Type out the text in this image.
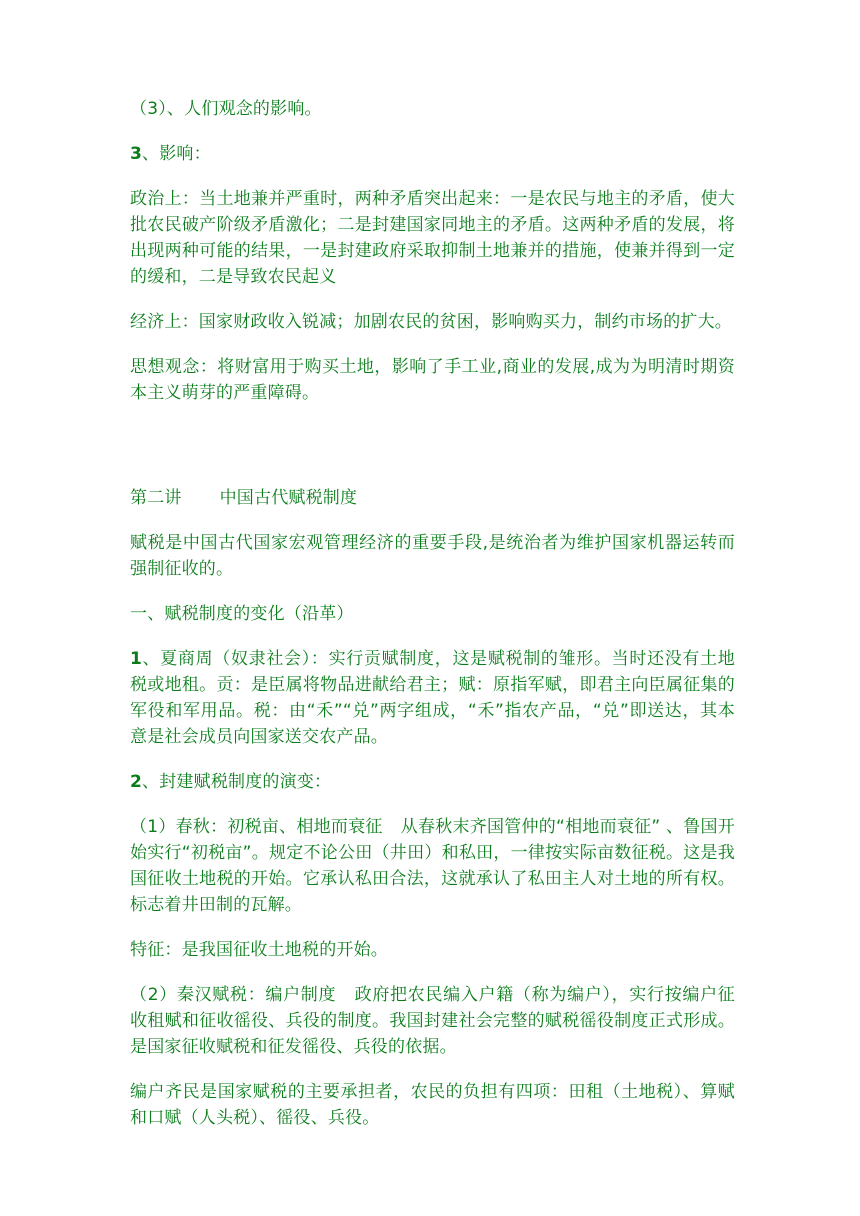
（3）、人们观念的影响。

3、影响：

政治上：当土地兼并严重时，两种矛盾突出起来：一是农民与地主的矛盾，使大批农民破产阶级矛盾激化；二是封建国家同地主的矛盾。这两种矛盾的发展，将出现两种可能的结果，一是封建政府采取抑制土地兼并的措施，使兼并得到一定的缓和，二是导致农民起义

经济上：国家财政收入锐减；加剧农民的贫困，影响购买力，制约市场的扩大。

思想观念：将财富用于购买土地，影响了手工业,商业的发展,成为为明清时期资本主义萌芽的严重障碍。

第二讲 中国古代赋税制度

赋税是中国古代国家宏观管理经济的重要手段,是统治者为维护国家机器运转而强制征收的。

一、赋税制度的变化（沿革）

1、夏商周（奴隶社会）：实行贡赋制度，这是赋税制的雏形。当时还没有土地税或地租。贡：是臣属将物品进献给君主；赋：原指军赋，即君主向臣属征集的军役和军用品。税：由“禾”“兑”两字组成，“禾”指农产品，“兑”即送达，其本意是社会成员向国家送交农产品。

2、封建赋税制度的演变：

（1）春秋：初税亩、相地而衰征 从春秋末齐国管仲的“相地而衰征” 、鲁国开始实行“初税亩”。规定不论公田（井田）和私田，一律按实际亩数征税。这是我国征收土地税的开始。它承认私田合法，这就承认了私田主人对土地的所有权。标志着井田制的瓦解。

特征：是我国征收土地税的开始。

（2）秦汉赋税：编户制度 政府把农民编入户籍（称为编户），实行按编户征收租赋和征收徭役、兵役的制度。我国封建社会完整的赋税徭役制度正式形成。是国家征收赋税和征发徭役、兵役的依据。

编户齐民是国家赋税的主要承担者，农民的负担有四项：田租（土地税）、算赋和口赋（人头税）、徭役、兵役。
